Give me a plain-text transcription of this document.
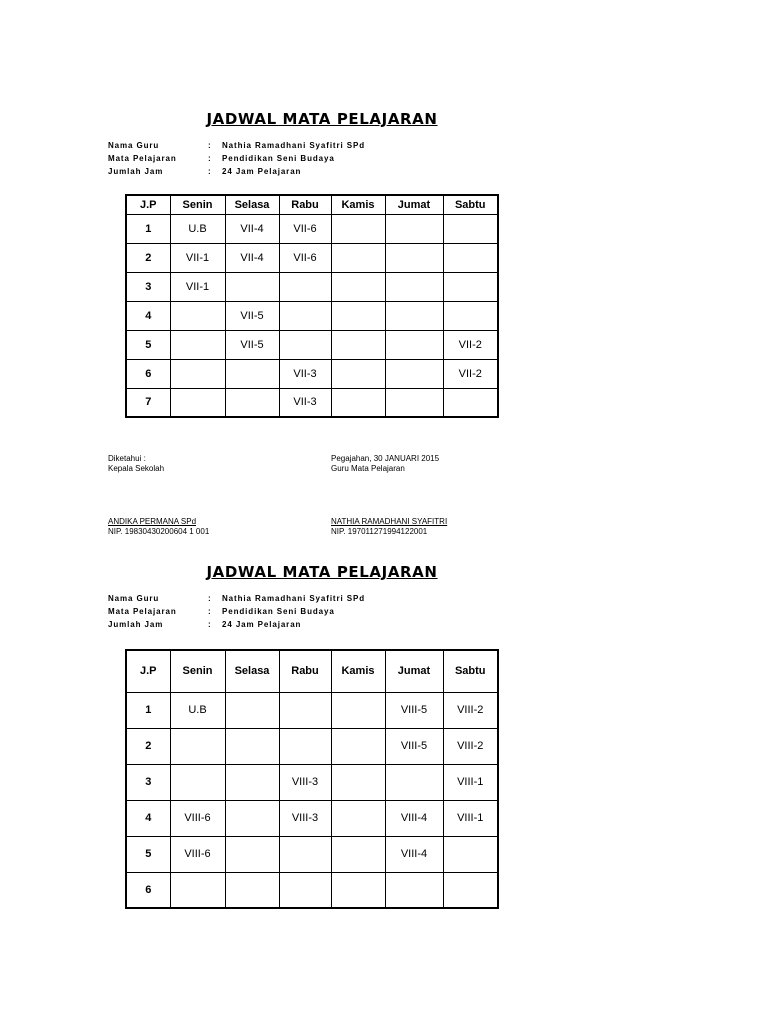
JADWAL MATA PELAJARAN
Nama Guru	:	Nathia Ramadhani Syafitri SPd
Mata Pelajaran	:	Pendidikan Seni Budaya
Jumlah Jam	:	24 Jam Pelajaran
J.P	Senin	Selasa	Rabu	Kamis	Jumat	Sabtu
1	U.B	VII-4	VII-6			
2	VII-1	VII-4	VII-6			
3	VII-1					
4		VII-5				
5		VII-5				VII-2
6			VII-3			VII-2
7			VII-3			
Diketahui :
Kepala Sekolah
Pegajahan, 30 JANUARI 2015
Guru Mata Pelajaran
ANDIKA PERMANA SPd
NIP. 19830430200604 1 001
NATHIA RAMADHANI SYAFITRI
NIP. 197011271994122001
JADWAL MATA PELAJARAN
Nama Guru	:	Nathia Ramadhani Syafitri SPd
Mata Pelajaran	:	Pendidikan Seni Budaya
Jumlah Jam	:	24 Jam Pelajaran
J.P	Senin	Selasa	Rabu	Kamis	Jumat	Sabtu
1	U.B				VIII-5	VIII-2
2					VIII-5	VIII-2
3			VIII-3			VIII-1
4	VIII-6		VIII-3		VIII-4	VIII-1
5	VIII-6				VIII-4	
6						
